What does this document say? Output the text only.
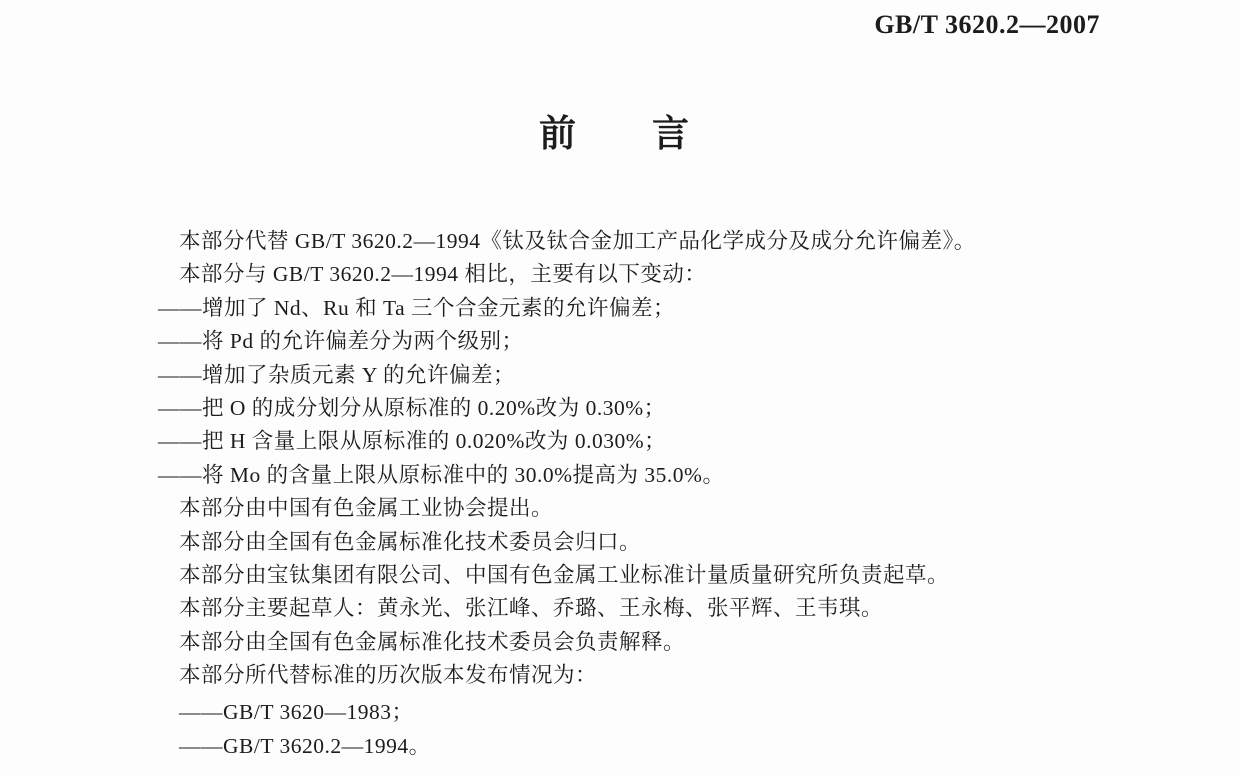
GB/T 3620.2—2007
前 言
本部分代替 GB/T 3620.2—1994《钛及钛合金加工产品化学成分及成分允许偏差》。
本部分与 GB/T 3620.2—1994 相比，主要有以下变动：
——增加了 Nd、Ru 和 Ta 三个合金元素的允许偏差；
——将 Pd 的允许偏差分为两个级别；
——增加了杂质元素 Y 的允许偏差；
——把 O 的成分划分从原标准的 0.20%改为 0.30%；
——把 H 含量上限从原标准的 0.020%改为 0.030%；
——将 Mo 的含量上限从原标准中的 30.0%提高为 35.0%。
本部分由中国有色金属工业协会提出。
本部分由全国有色金属标准化技术委员会归口。
本部分由宝钛集团有限公司、中国有色金属工业标准计量质量研究所负责起草。
本部分主要起草人：黄永光、张江峰、乔璐、王永梅、张平辉、王韦琪。
本部分由全国有色金属标准化技术委员会负责解释。
本部分所代替标准的历次版本发布情况为：
——GB/T 3620—1983；
——GB/T 3620.2—1994。
